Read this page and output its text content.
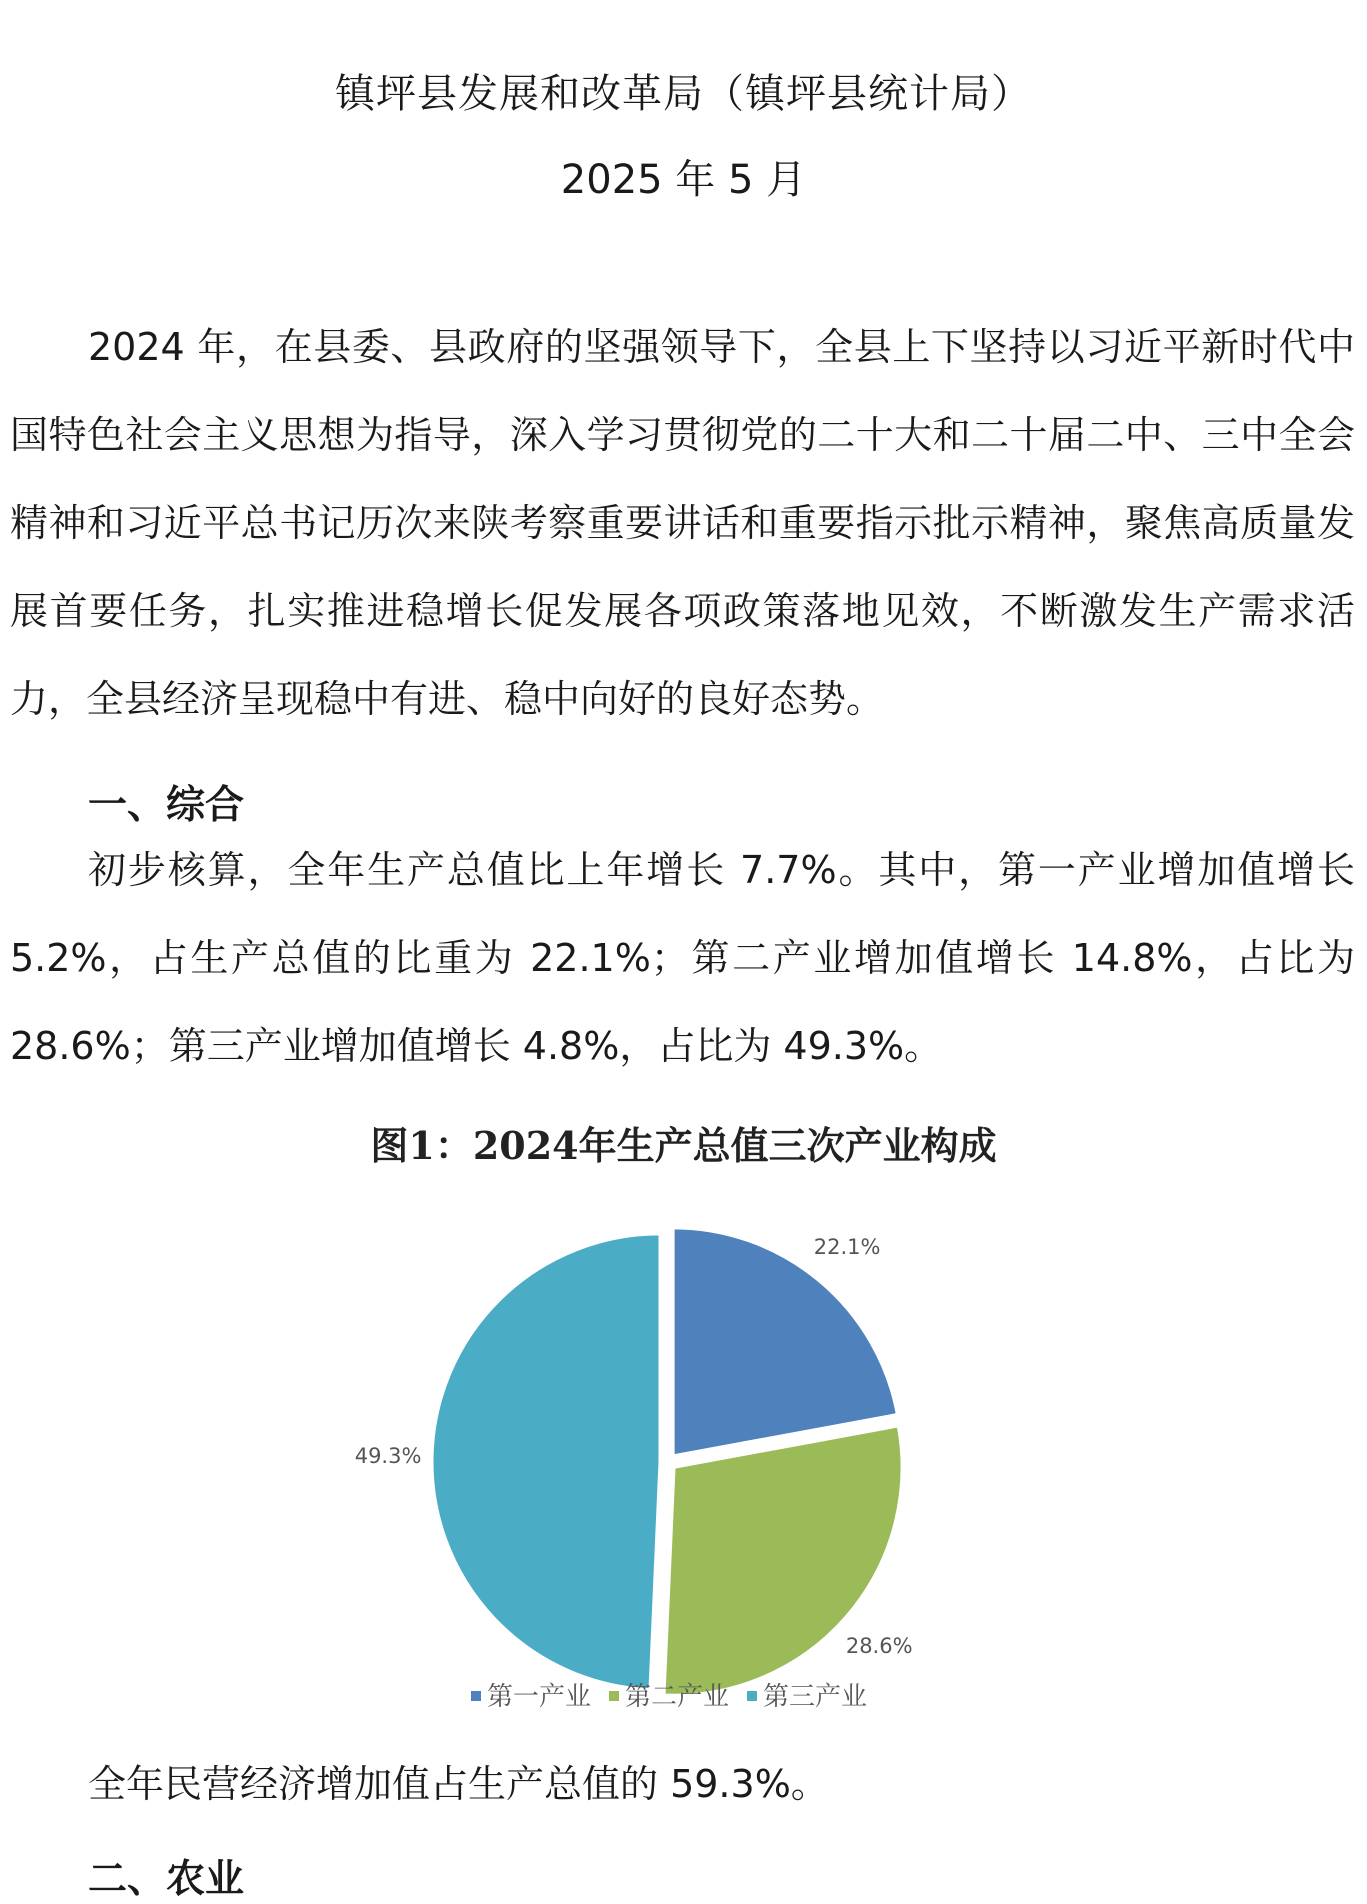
镇坪县发展和改革局（镇坪县统计局）
2025 年 5 月

2024 年，在县委、县政府的坚强领导下，全县上下坚持以习近平新时代中国特色社会主义思想为指导，深入学习贯彻党的二十大和二十届二中、三中全会精神和习近平总书记历次来陕考察重要讲话和重要指示批示精神，聚焦高质量发展首要任务，扎实推进稳增长促发展各项政策落地见效，不断激发生产需求活力，全县经济呈现稳中有进、稳中向好的良好态势。

一、综合

初步核算，全年生产总值比上年增长 7.7%。其中，第一产业增加值增长 5.2%，占生产总值的比重为 22.1%；第二产业增加值增长 14.8%，占比为 28.6%；第三产业增加值增长 4.8%，占比为 49.3%。

图1：2024年生产总值三次产业构成
22.1%
28.6%
49.3%
第一产业 第二产业 第三产业

全年民营经济增加值占生产总值的 59.3%。

二、农业
